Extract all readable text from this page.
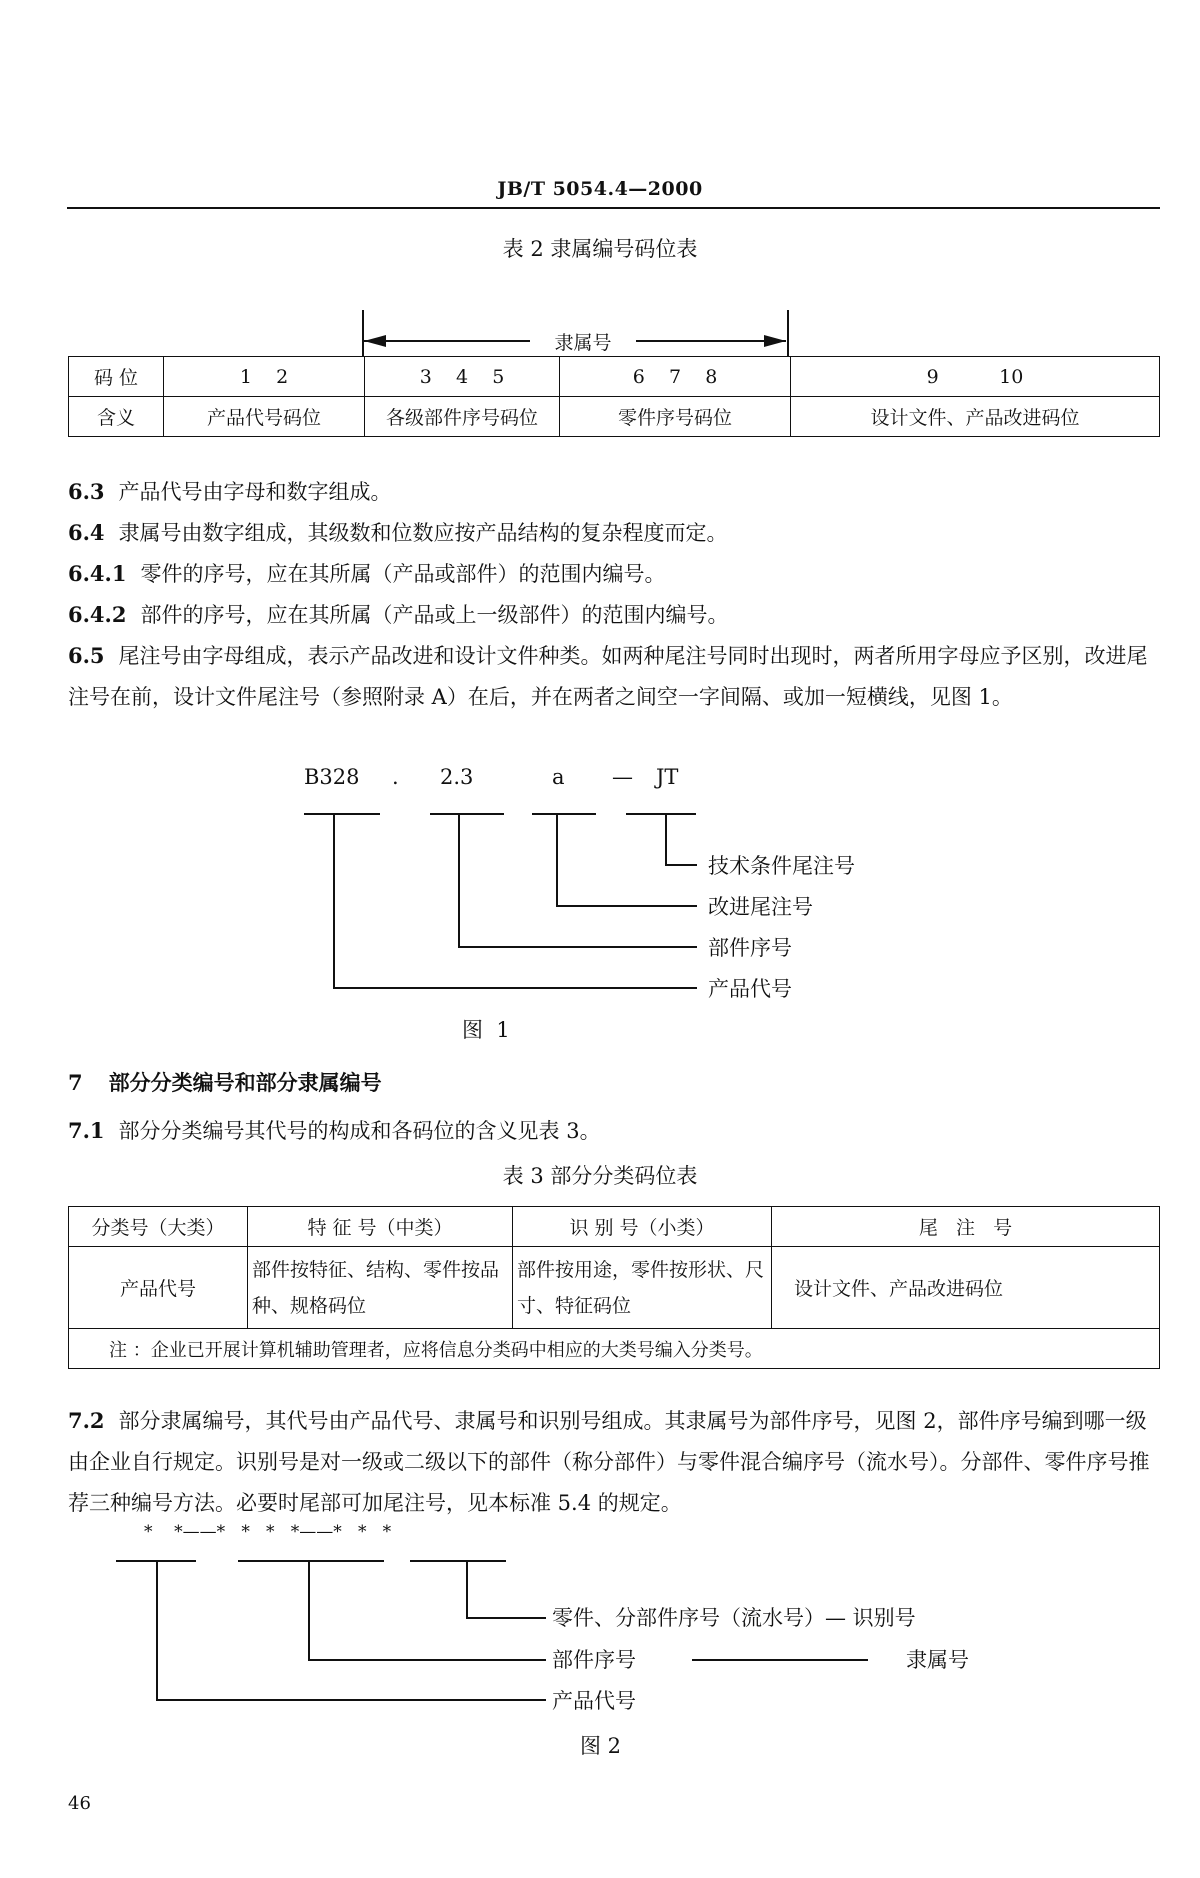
JB/T 5054.4—2000
表 2 隶属编号码位表
隶属号
码 位	1    2	3    4    5	6    7    8	9          10
含义	产品代号码位	各级部件序号码位	零件序号码位	设计文件、产品改进码位
6.3 产品代号由字母和数字组成。
6.4 隶属号由数字组成，其级数和位数应按产品结构的复杂程度而定。
6.4.1 零件的序号，应在其所属（产品或部件）的范围内编号。
6.4.2 部件的序号，应在其所属（产品或上一级部件）的范围内编号。
6.5 尾注号由字母组成，表示产品改进和设计文件种类。如两种尾注号同时出现时，两者所用字母应予区别，改进尾注号在前，设计文件尾注号（参照附录 A）在后，并在两者之间空一字间隔、或加一短横线，见图 1。
B328 . 2.3	a — JT
技术条件尾注号
改进尾注号
部件序号
产品代号
图  1
7 部分分类编号和部分隶属编号
7.1 部分分类编号其代号的构成和各码位的含义见表 3。
表 3 部分分类码位表
分类号（大类）	特 征 号（中类）	识 别 号（小类）	尾   注   号
产品代号	部件按特征、结构、零件按品种、规格码位	部件按用途，零件按形状、尺寸、特征码位	设计文件、产品改进码位
注 ：企业已开展计算机辅助管理者，应将信息分类码中相应的大类号编入分类号。			
7.2 部分隶属编号，其代号由产品代号、隶属号和识别号组成。其隶属号为部件序号，见图 2，部件序号编到哪一级由企业自行规定。识别号是对一级或二级以下的部件（称分部件）与零件混合编序号（流水号）。分部件、零件序号推荐三种编号方法。必要时尾部可加尾注号，见本标准 5.4 的规定。
*    *——*   *   *   *——*   *   *
零件、分部件序号（流水号）— 识别号
部件序号	隶属号
产品代号
图 2
46
